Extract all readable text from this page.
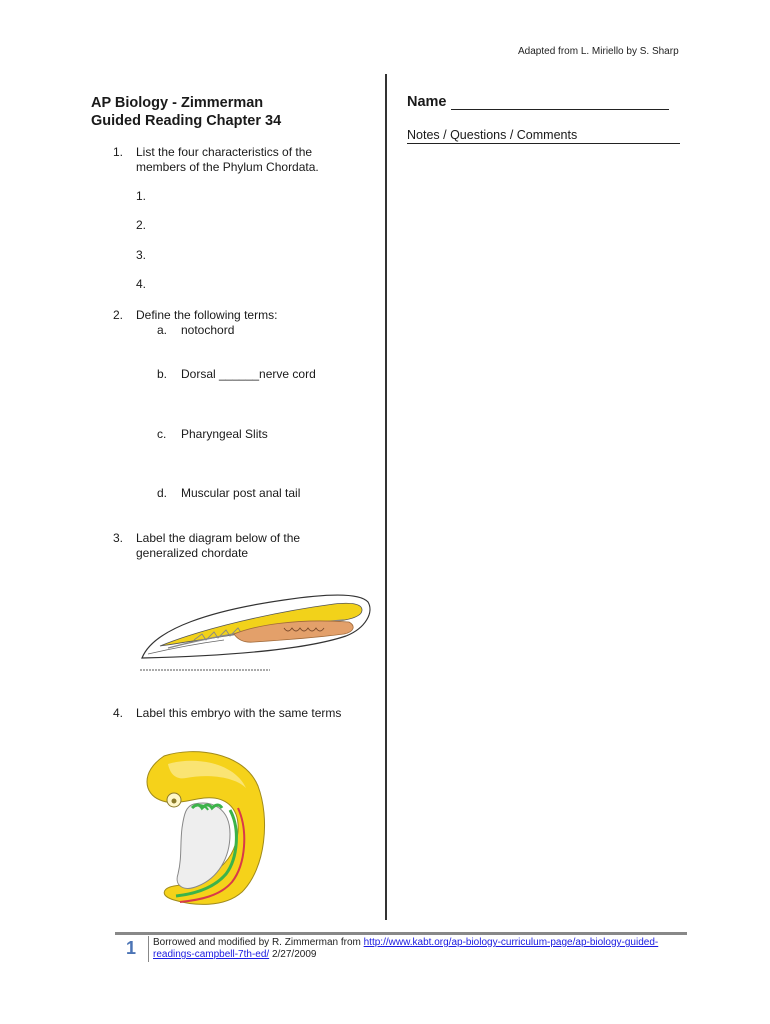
Adapted from L. Miriello by S. Sharp
AP Biology - Zimmerman
Guided Reading Chapter 34
Name
Notes / Questions / Comments
1. List the four characteristics of the
members of the Phylum Chordata.
1.
2.
3.
4.
2. Define the following terms:
a. notochord
b. Dorsal ______nerve cord
c. Pharyngeal Slits
d. Muscular post anal tail
3. Label the diagram below of the
generalized chordate
4. Label this embryo with the same terms
1 Borrowed and modified by R. Zimmerman from http://www.kabt.org/ap-biology-curriculum-page/ap-biology-guided-readings-campbell-7th-ed/ 2/27/2009
